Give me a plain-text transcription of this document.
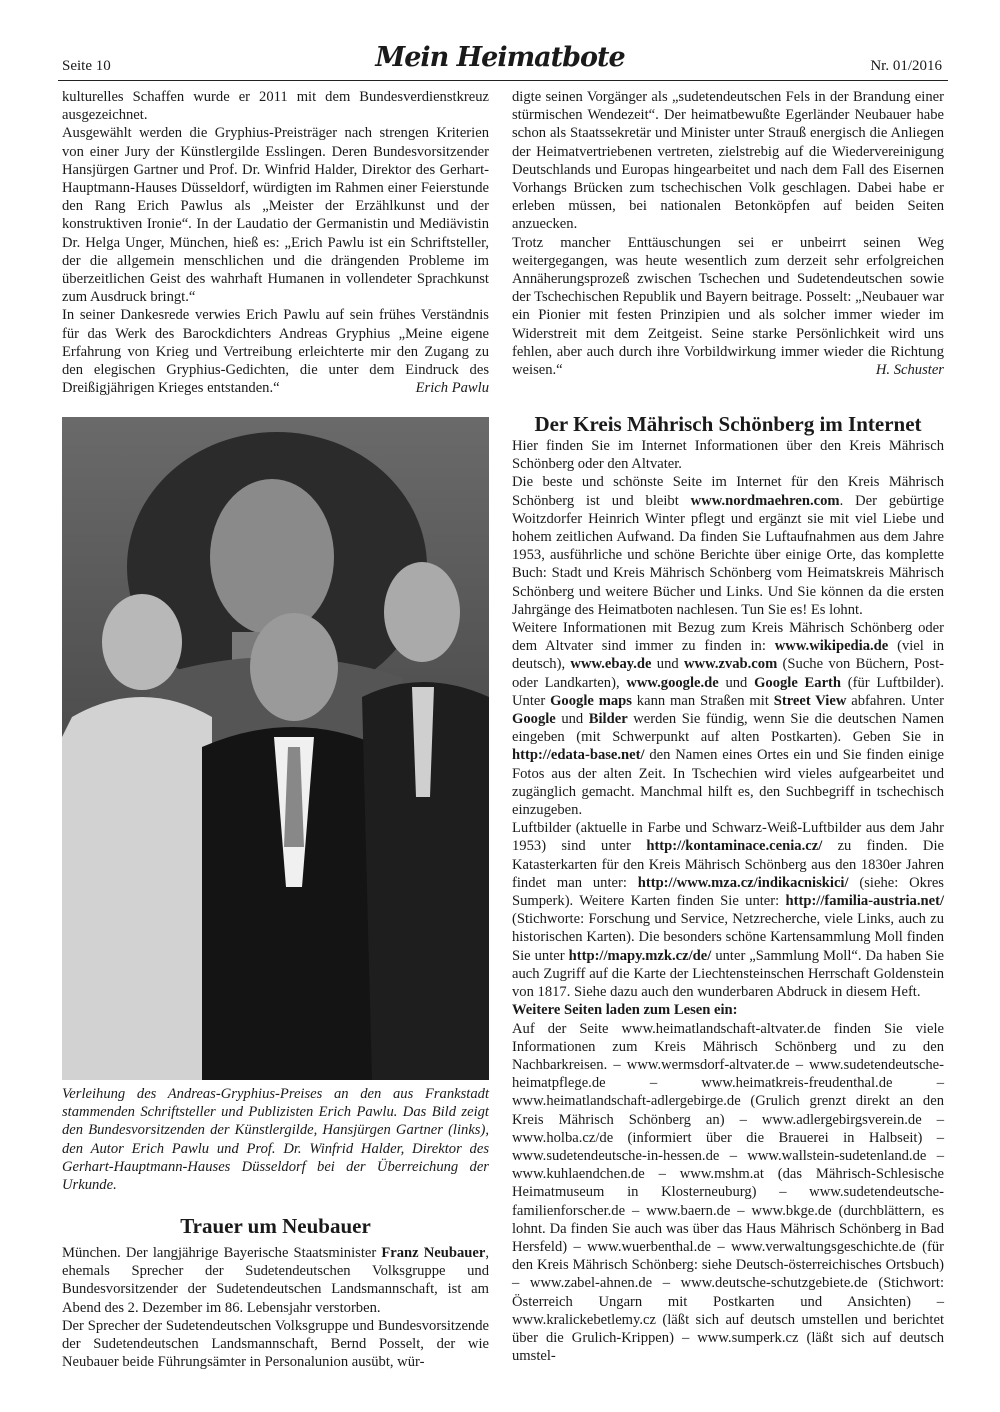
Seite 10	Mein Heimatbote	Nr. 01/2016

kulturelles Schaffen wurde er 2011 mit dem Bundesverdienstkreuz ausgezeichnet.

Ausgewählt werden die Gryphius-Preisträger nach strengen Kriterien von einer Jury der Künstlergilde Esslingen. Deren Bundesvorsitzender Hansjürgen Gartner und Prof. Dr. Winfrid Halder, Direktor des Gerhart-Hauptmann-Hauses Düsseldorf, würdigten im Rahmen einer Feierstunde den Rang Erich Pawlus als „Meister der Erzählkunst und der konstruktiven Ironie“. In der Laudatio der Germanistin und Mediävistin Dr. Helga Unger, München, hieß es: „Erich Pawlu ist ein Schriftsteller, der die allgemein menschlichen und die drängenden Probleme im überzeitlichen Geist des wahrhaft Humanen in vollendeter Sprachkunst zum Ausdruck bringt.“

In seiner Dankesrede verwies Erich Pawlu auf sein frühes Verständnis für das Werk des Barockdichters Andreas Gryphius „Meine eigene Erfahrung von Krieg und Vertreibung erleichterte mir den Zugang zu den elegischen Gryphius-Gedichten, die unter dem Eindruck des Dreißigjährigen Krieges entstanden.“	Erich Pawlu

Verleihung des Andreas-Gryphius-Preises an den aus Frankstadt stammenden Schriftsteller und Publizisten Erich Pawlu. Das Bild zeigt den Bundesvorsitzenden der Künstlergilde, Hansjürgen Gartner (links), den Autor Erich Pawlu und Prof. Dr. Winfrid Halder, Direktor des Gerhart-Hauptmann-Hauses Düsseldorf bei der Überreichung der Urkunde.
Trauer um Neubauer

München. Der langjährige Bayerische Staatsminister Franz Neubauer, ehemals Sprecher der Sudetendeutschen Volksgruppe und Bundesvorsitzender der Sudetendeutschen Landsmannschaft, ist am Abend des 2. Dezember im 86. Lebensjahr verstorben.

Der Sprecher der Sudetendeutschen Volksgruppe und Bundesvorsitzende der Sudetendeutschen Landsmannschaft, Bernd Posselt, der wie Neubauer beide Führungsämter in Personalunion ausübt, wür-

digte seinen Vorgänger als „sudetendeutschen Fels in der Brandung einer stürmischen Wendezeit“. Der heimatbewußte Egerländer Neubauer habe schon als Staatssekretär und Minister unter Strauß energisch die Anliegen der Heimatvertriebenen vertreten, zielstrebig auf die Wiedervereinigung Deutschlands und Europas hingearbeitet und nach dem Fall des Eisernen Vorhangs Brücken zum tschechischen Volk geschlagen. Dabei habe er erleben müssen, bei nationalen Betonköpfen auf beiden Seiten anzuecken.

Trotz mancher Enttäuschungen sei er unbeirrt seinen Weg weitergegangen, was heute wesentlich zum derzeit sehr erfolgreichen Annäherungsprozeß zwischen Tschechen und Sudetendeutschen sowie der Tschechischen Republik und Bayern beitrage. Posselt: „Neubauer war ein Pionier mit festen Prinzipien und als solcher immer wieder im Widerstreit mit dem Zeitgeist. Seine starke Persönlichkeit wird uns fehlen, aber auch durch ihre Vorbildwirkung immer wieder die Richtung weisen.“	H. Schuster

Der Kreis Mährisch Schönberg im Internet

Hier finden Sie im Internet Informationen über den Kreis Mährisch Schönberg oder den Altvater.

Die beste und schönste Seite im Internet für den Kreis Mährisch Schönberg ist und bleibt www.nordmaehren.com. Der gebürtige Woitzdorfer Heinrich Winter pflegt und ergänzt sie mit viel Liebe und hohem zeitlichen Aufwand. Da finden Sie Luftaufnahmen aus dem Jahre 1953, ausführliche und schöne Berichte über einige Orte, das komplette Buch: Stadt und Kreis Mährisch Schönberg vom Heimatskreis Mährisch Schönberg und weitere Bücher und Links. Und Sie können da die ersten Jahrgänge des Heimatboten nachlesen. Tun Sie es! Es lohnt.

Weitere Informationen mit Bezug zum Kreis Mährisch Schönberg oder dem Altvater sind immer zu finden in: www.wikipedia.de (viel in deutsch), www.ebay.de und www.zvab.com (Suche von Büchern, Post- oder Landkarten), www.google.de und Google Earth (für Luftbilder). Unter Google maps kann man Straßen mit Street View abfahren. Unter Google und Bilder werden Sie fündig, wenn Sie die deutschen Namen eingeben (mit Schwerpunkt auf alten Postkarten). Geben Sie in http://edata-base.net/ den Namen eines Ortes ein und Sie finden einige Fotos aus der alten Zeit. In Tschechien wird vieles aufgearbeitet und zugänglich gemacht. Manchmal hilft es, den Suchbegriff in tschechisch einzugeben.

Luftbilder (aktuelle in Farbe und Schwarz-Weiß-Luftbilder aus dem Jahr 1953) sind unter http://kontaminace.cenia.cz/ zu finden. Die Katasterkarten für den Kreis Mährisch Schönberg aus den 1830er Jahren findet man unter: http://www.mza.cz/indikacniskici/ (siehe: Okres Sumperk). Weitere Karten finden Sie unter: http://familia-austria.net/ (Stichworte: Forschung und Service, Netzrecherche, viele Links, auch zu historischen Karten). Die besonders schöne Kartensammlung Moll finden Sie unter http://mapy.mzk.cz/de/ unter „Sammlung Moll“. Da haben Sie auch Zugriff auf die Karte der Liechtensteinschen Herrschaft Goldenstein von 1817. Siehe dazu auch den wunderbaren Abdruck in diesem Heft.

Weitere Seiten laden zum Lesen ein:

Auf der Seite www.heimatlandschaft-altvater.de finden Sie viele Informationen zum Kreis Mährisch Schönberg und zu den Nachbarkreisen. – www.wermsdorf-altvater.de – www.sudetendeutsche-heimatpflege.de – www.heimatkreis-freudenthal.de – www.heimatlandschaft-adlergebirge.de (Grulich grenzt direkt an den Kreis Mährisch Schönberg an) – www.adlergebirgsverein.de – www.holba.cz/de (informiert über die Brauerei in Halbseit) – www.sudetendeutsche-in-hessen.de – www.wallstein-sudetenland.de – www.kuhlaendchen.de – www.mshm.at (das Mährisch-Schlesische Heimatmuseum in Klosterneuburg) – www.sudetendeutsche-familienforscher.de – www.baern.de – www.bkge.de (durchblättern, es lohnt. Da finden Sie auch was über das Haus Mährisch Schönberg in Bad Hersfeld) – www.wuerbenthal.de – www.verwaltungsgeschichte.de (für den Kreis Mährisch Schönberg: siehe Deutsch-österreichisches Ortsbuch) – www.zabel-ahnen.de – www.deutsche-schutzgebiete.de (Stichwort: Österreich Ungarn mit Postkarten und Ansichten) – www.kralickebetlemy.cz (läßt sich auf deutsch umstellen und berichtet über die Grulich-Krippen) – www.sumperk.cz (läßt sich auf deutsch umstel-
